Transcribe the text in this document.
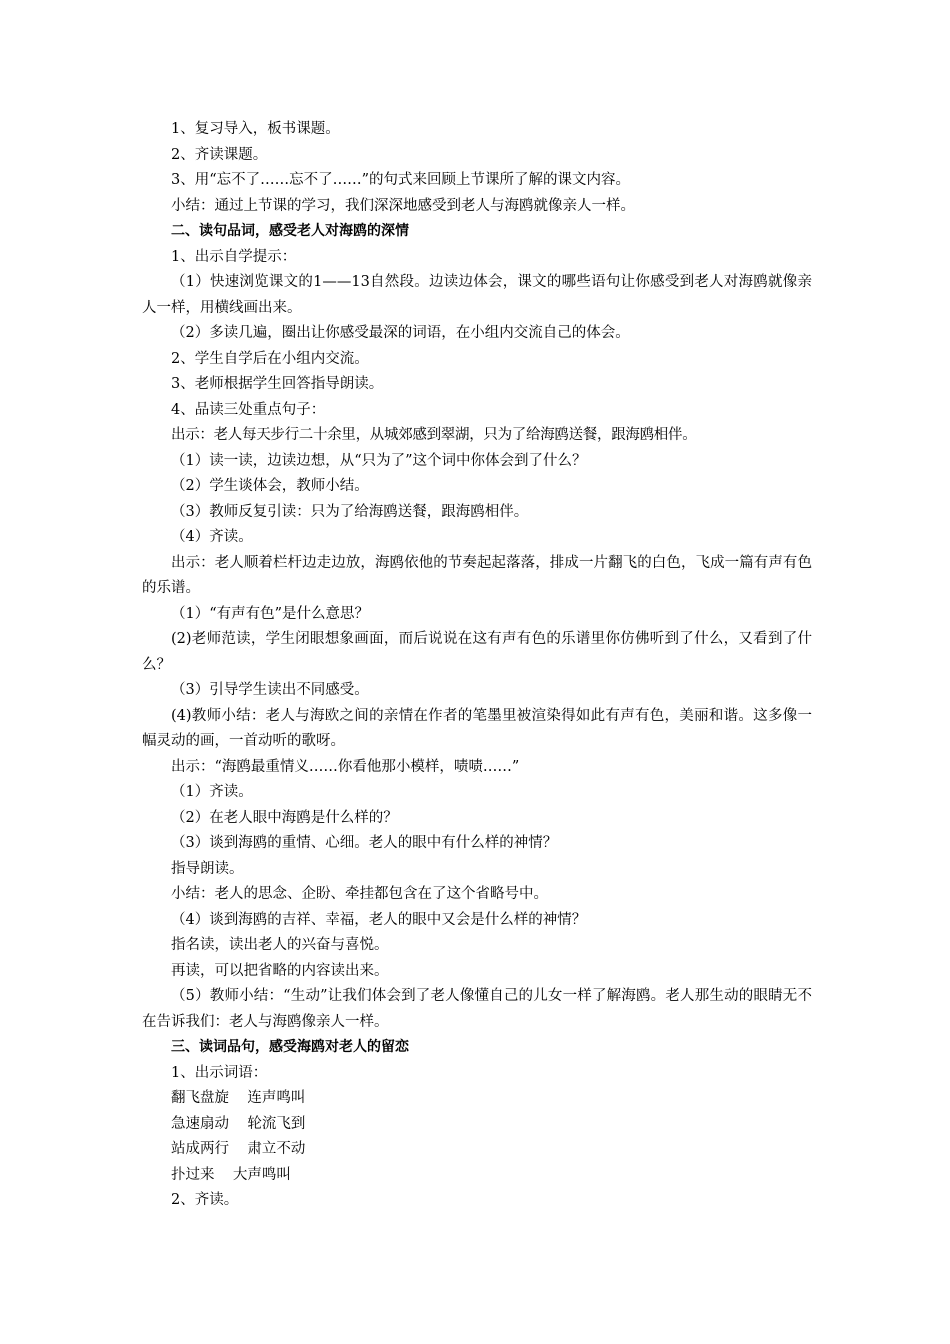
1、复习导入，板书课题。

2、齐读课题。

3、用“忘不了……忘不了……”的句式来回顾上节课所了解的课文内容。

小结：通过上节课的学习，我们深深地感受到老人与海鸥就像亲人一样。

二、读句品词，感受老人对海鸥的深情

1、出示自学提示：

（1）快速浏览课文的1——13自然段。边读边体会，课文的哪些语句让你感受到老人对海鸥就像亲人一样，用横线画出来。

（2）多读几遍，圈出让你感受最深的词语，在小组内交流自己的体会。

2、学生自学后在小组内交流。

3、老师根据学生回答指导朗读。

4、品读三处重点句子：

出示：老人每天步行二十余里，从城郊感到翠湖，只为了给海鸥送餐，跟海鸥相伴。

（1）读一读，边读边想，从“只为了”这个词中你体会到了什么？

（2）学生谈体会，教师小结。

（3）教师反复引读：只为了给海鸥送餐，跟海鸥相伴。

（4）齐读。

出示：老人顺着栏杆边走边放，海鸥依他的节奏起起落落，排成一片翻飞的白色，飞成一篇有声有色的乐谱。

（1）“有声有色”是什么意思？

(2)老师范读，学生闭眼想象画面，而后说说在这有声有色的乐谱里你仿佛听到了什么，又看到了什么？

（3）引导学生读出不同感受。

(4)教师小结：老人与海欧之间的亲情在作者的笔墨里被渲染得如此有声有色，美丽和谐。这多像一幅灵动的画，一首动听的歌呀。

出示：“海鸥最重情义……你看他那小模样，啧啧……”

（1）齐读。

（2）在老人眼中海鸥是什么样的？

（3）谈到海鸥的重情、心细。老人的眼中有什么样的神情？

指导朗读。

小结：老人的思念、企盼、牵挂都包含在了这个省略号中。

（4）谈到海鸥的吉祥、幸福，老人的眼中又会是什么样的神情？

指名读，读出老人的兴奋与喜悦。

再读，可以把省略的内容读出来。

（5）教师小结：“生动”让我们体会到了老人像懂自己的儿女一样了解海鸥。老人那生动的眼睛无不在告诉我们：老人与海鸥像亲人一样。

三、读词品句，感受海鸥对老人的留恋

1、出示词语：

翻飞盘旋    连声鸣叫

急速扇动    轮流飞到

站成两行    肃立不动

扑过来    大声鸣叫

2、齐读。
